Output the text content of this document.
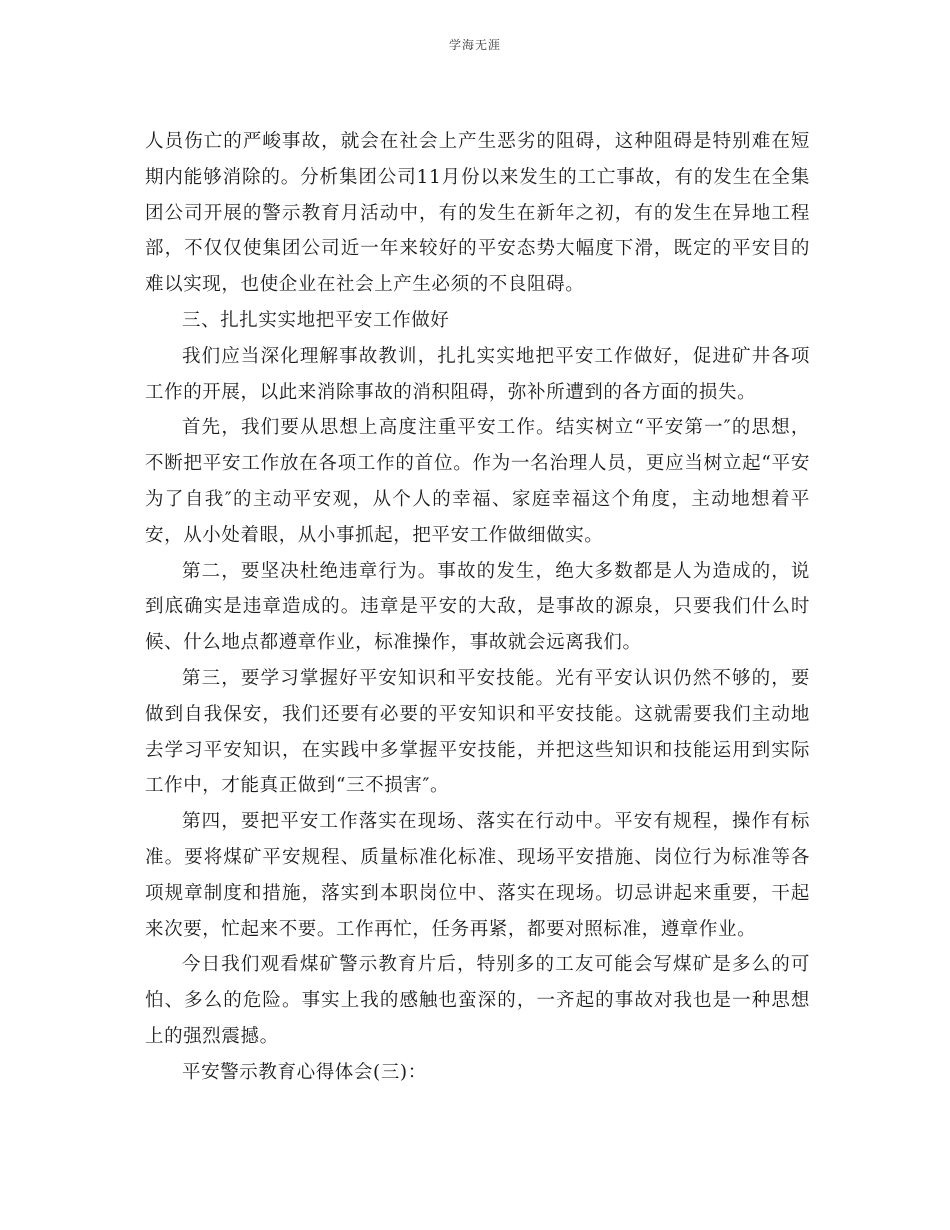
学海无涯

人员伤亡的严峻事故，就会在社会上产生恶劣的阻碍，这种阻碍是特别难在短期内能够消除的。分析集团公司11月份以来发生的工亡事故，有的发生在全集团公司开展的警示教育月活动中，有的发生在新年之初，有的发生在异地工程部，不仅仅使集团公司近一年来较好的平安态势大幅度下滑，既定的平安目的难以实现，也使企业在社会上产生必须的不良阻碍。

三、扎扎实实地把平安工作做好

我们应当深化理解事故教训，扎扎实实地把平安工作做好，促进矿井各项工作的开展，以此来消除事故的消积阻碍，弥补所遭到的各方面的损失。

首先，我们要从思想上高度注重平安工作。结实树立“平安第一″的思想，不断把平安工作放在各项工作的首位。作为一名治理人员，更应当树立起“平安为了自我″的主动平安观，从个人的幸福、家庭幸福这个角度，主动地想着平安，从小处着眼，从小事抓起，把平安工作做细做实。

第二，要坚决杜绝违章行为。事故的发生，绝大多数都是人为造成的，说到底确实是违章造成的。违章是平安的大敌，是事故的源泉，只要我们什么时候、什么地点都遵章作业，标准操作，事故就会远离我们。

第三，要学习掌握好平安知识和平安技能。光有平安认识仍然不够的，要做到自我保安，我们还要有必要的平安知识和平安技能。这就需要我们主动地去学习平安知识，在实践中多掌握平安技能，并把这些知识和技能运用到实际工作中，才能真正做到“三不损害″。

第四，要把平安工作落实在现场、落实在行动中。平安有规程，操作有标准。要将煤矿平安规程、质量标准化标准、现场平安措施、岗位行为标准等各项规章制度和措施，落实到本职岗位中、落实在现场。切忌讲起来重要，干起来次要，忙起来不要。工作再忙，任务再紧，都要对照标准，遵章作业。

今日我们观看煤矿警示教育片后，特别多的工友可能会写煤矿是多么的可怕、多么的危险。事实上我的感触也蛮深的，一齐起的事故对我也是一种思想上的强烈震撼。

平安警示教育心得体会(三)：
